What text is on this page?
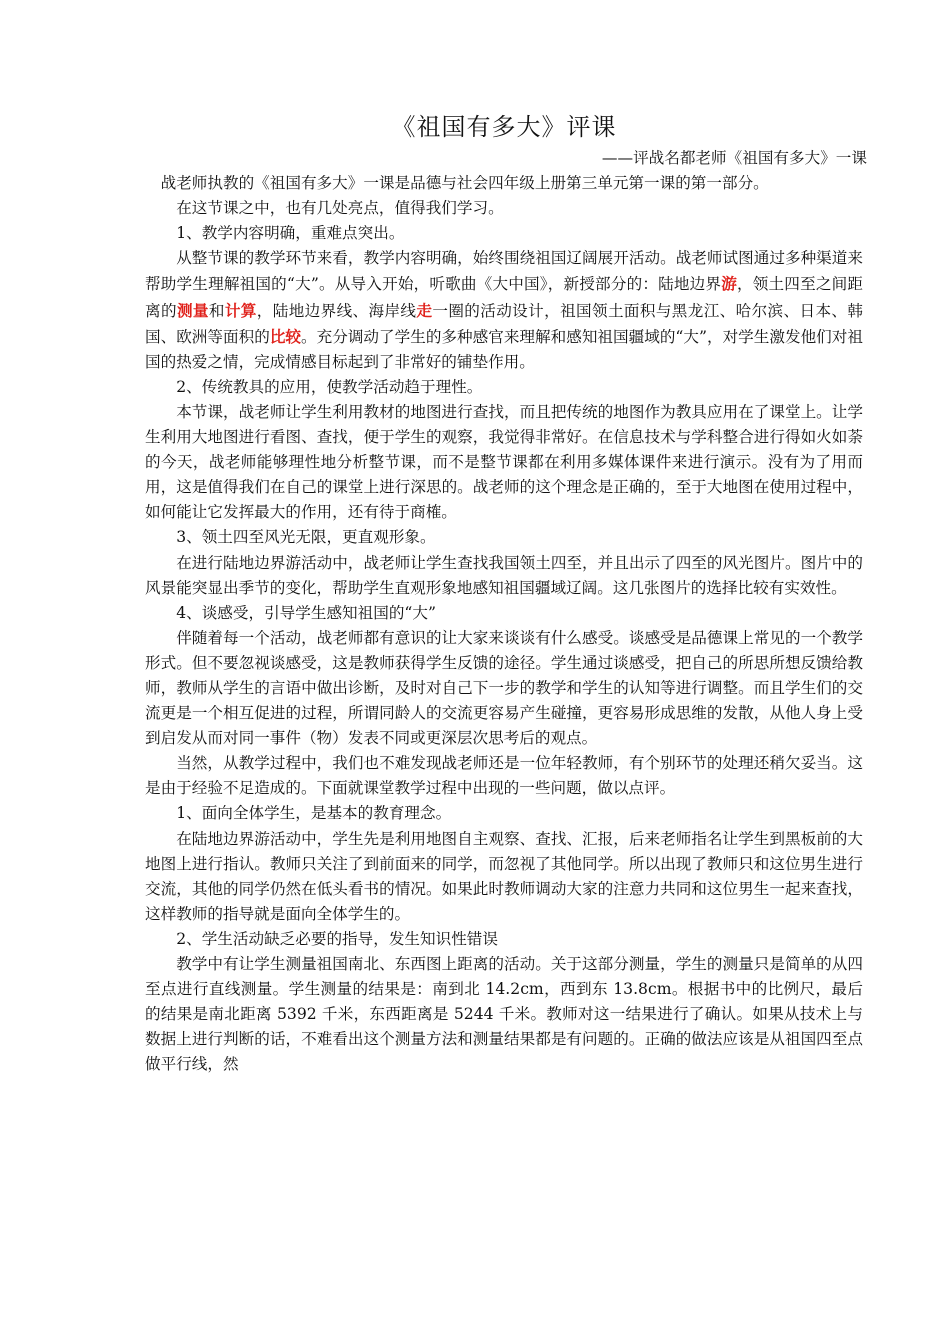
《祖国有多大》评课

——评战名都老师《祖国有多大》一课

战老师执教的《祖国有多大》一课是品德与社会四年级上册第三单元第一课的第一部分。

在这节课之中，也有几处亮点，值得我们学习。

1、教学内容明确，重难点突出。

从整节课的教学环节来看，教学内容明确，始终围绕祖国辽阔展开活动。战老师试图通过多种渠道来帮助学生理解祖国的“大”。从导入开始，听歌曲《大中国》，新授部分的：陆地边界游，领土四至之间距离的测量和计算，陆地边界线、海岸线走一圈的活动设计，祖国领土面积与黑龙江、哈尔滨、日本、韩国、欧洲等面积的比较。充分调动了学生的多种感官来理解和感知祖国疆域的“大”，对学生激发他们对祖国的热爱之情，完成情感目标起到了非常好的铺垫作用。

2、传统教具的应用，使教学活动趋于理性。

本节课，战老师让学生利用教材的地图进行查找，而且把传统的地图作为教具应用在了课堂上。让学生利用大地图进行看图、查找，便于学生的观察，我觉得非常好。在信息技术与学科整合进行得如火如荼的今天，战老师能够理性地分析整节课，而不是整节课都在利用多媒体课件来进行演示。没有为了用而用，这是值得我们在自己的课堂上进行深思的。战老师的这个理念是正确的，至于大地图在使用过程中，如何能让它发挥最大的作用，还有待于商榷。

3、领土四至风光无限，更直观形象。

在进行陆地边界游活动中，战老师让学生查找我国领土四至，并且出示了四至的风光图片。图片中的风景能突显出季节的变化，帮助学生直观形象地感知祖国疆域辽阔。这几张图片的选择比较有实效性。

4、谈感受，引导学生感知祖国的“大”

伴随着每一个活动，战老师都有意识的让大家来谈谈有什么感受。谈感受是品德课上常见的一个教学形式。但不要忽视谈感受，这是教师获得学生反馈的途径。学生通过谈感受，把自己的所思所想反馈给教师，教师从学生的言语中做出诊断，及时对自己下一步的教学和学生的认知等进行调整。而且学生们的交流更是一个相互促进的过程，所谓同龄人的交流更容易产生碰撞，更容易形成思维的发散，从他人身上受到启发从而对同一事件（物）发表不同或更深层次思考后的观点。

当然，从教学过程中，我们也不难发现战老师还是一位年轻教师，有个别环节的处理还稍欠妥当。这是由于经验不足造成的。下面就课堂教学过程中出现的一些问题，做以点评。

1、面向全体学生，是基本的教育理念。

在陆地边界游活动中，学生先是利用地图自主观察、查找、汇报，后来老师指名让学生到黑板前的大地图上进行指认。教师只关注了到前面来的同学，而忽视了其他同学。所以出现了教师只和这位男生进行交流，其他的同学仍然在低头看书的情况。如果此时教师调动大家的注意力共同和这位男生一起来查找，这样教师的指导就是面向全体学生的。

2、学生活动缺乏必要的指导，发生知识性错误

教学中有让学生测量祖国南北、东西图上距离的活动。关于这部分测量，学生的测量只是简单的从四至点进行直线测量。学生测量的结果是：南到北 14.2cm，西到东 13.8cm。根据书中的比例尺，最后的结果是南北距离 5392 千米，东西距离是 5244 千米。教师对这一结果进行了确认。如果从技术上与数据上进行判断的话，不难看出这个测量方法和测量结果都是有问题的。正确的做法应该是从祖国四至点做平行线，然
